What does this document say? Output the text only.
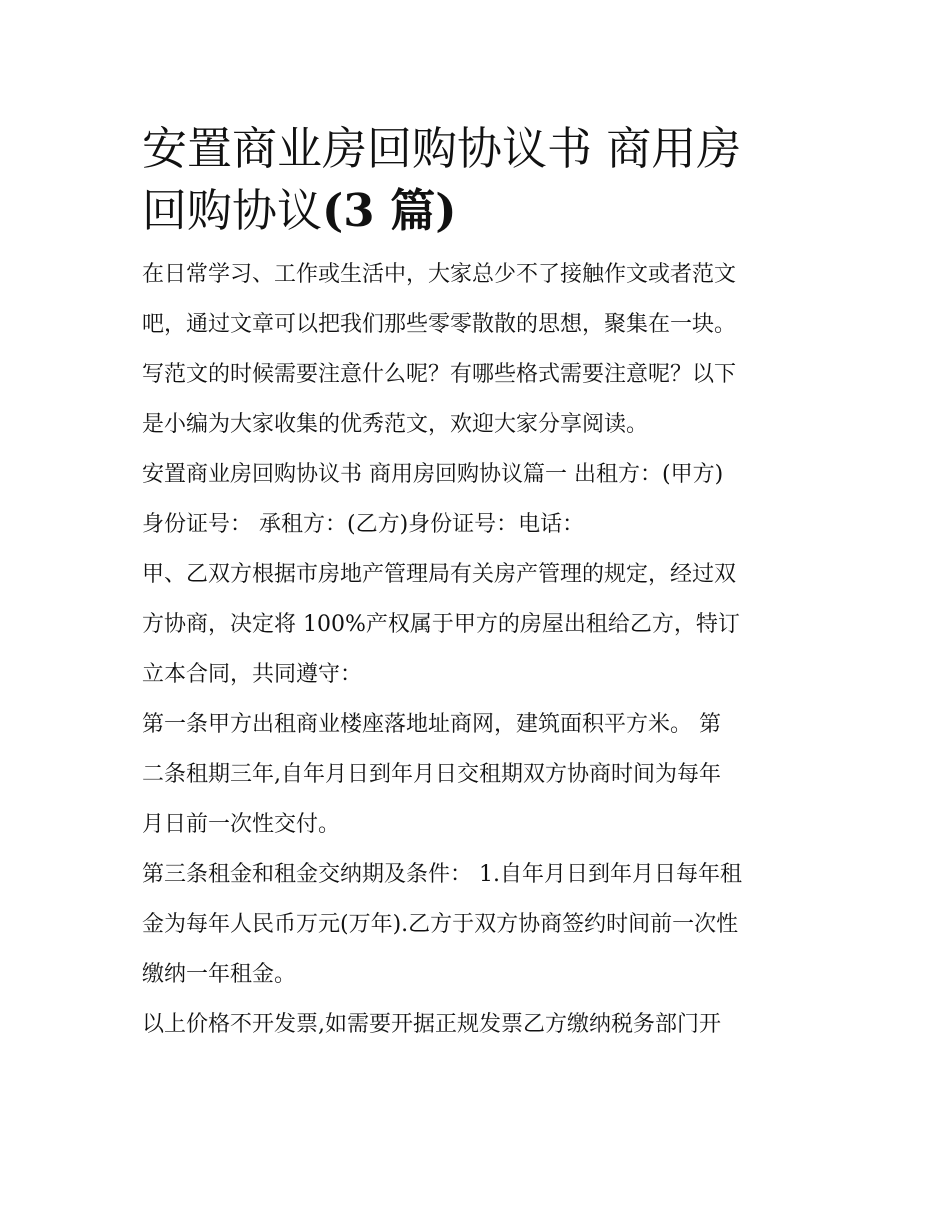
安置商业房回购协议书 商用房
回购协议(3 篇)

在日常学习、工作或生活中，大家总少不了接触作文或者范文
吧，通过文章可以把我们那些零零散散的思想，聚集在一块。
写范文的时候需要注意什么呢？有哪些格式需要注意呢？以下
是小编为大家收集的优秀范文，欢迎大家分享阅读。

安置商业房回购协议书 商用房回购协议篇一 出租方：(甲方)
身份证号： 承租方：(乙方)身份证号：电话：

甲、乙双方根据市房地产管理局有关房产管理的规定，经过双
方协商，决定将 100%产权属于甲方的房屋出租给乙方，特订
立本合同，共同遵守：

第一条甲方出租商业楼座落地址商网，建筑面积平方米。 第
二条租期三年,自年月日到年月日交租期双方协商时间为每年
月日前一次性交付。

第三条租金和租金交纳期及条件： 1.自年月日到年月日每年租
金为每年人民币万元(万年).乙方于双方协商签约时间前一次性
缴纳一年租金。

以上价格不开发票,如需要开据正规发票乙方缴纳税务部门开
